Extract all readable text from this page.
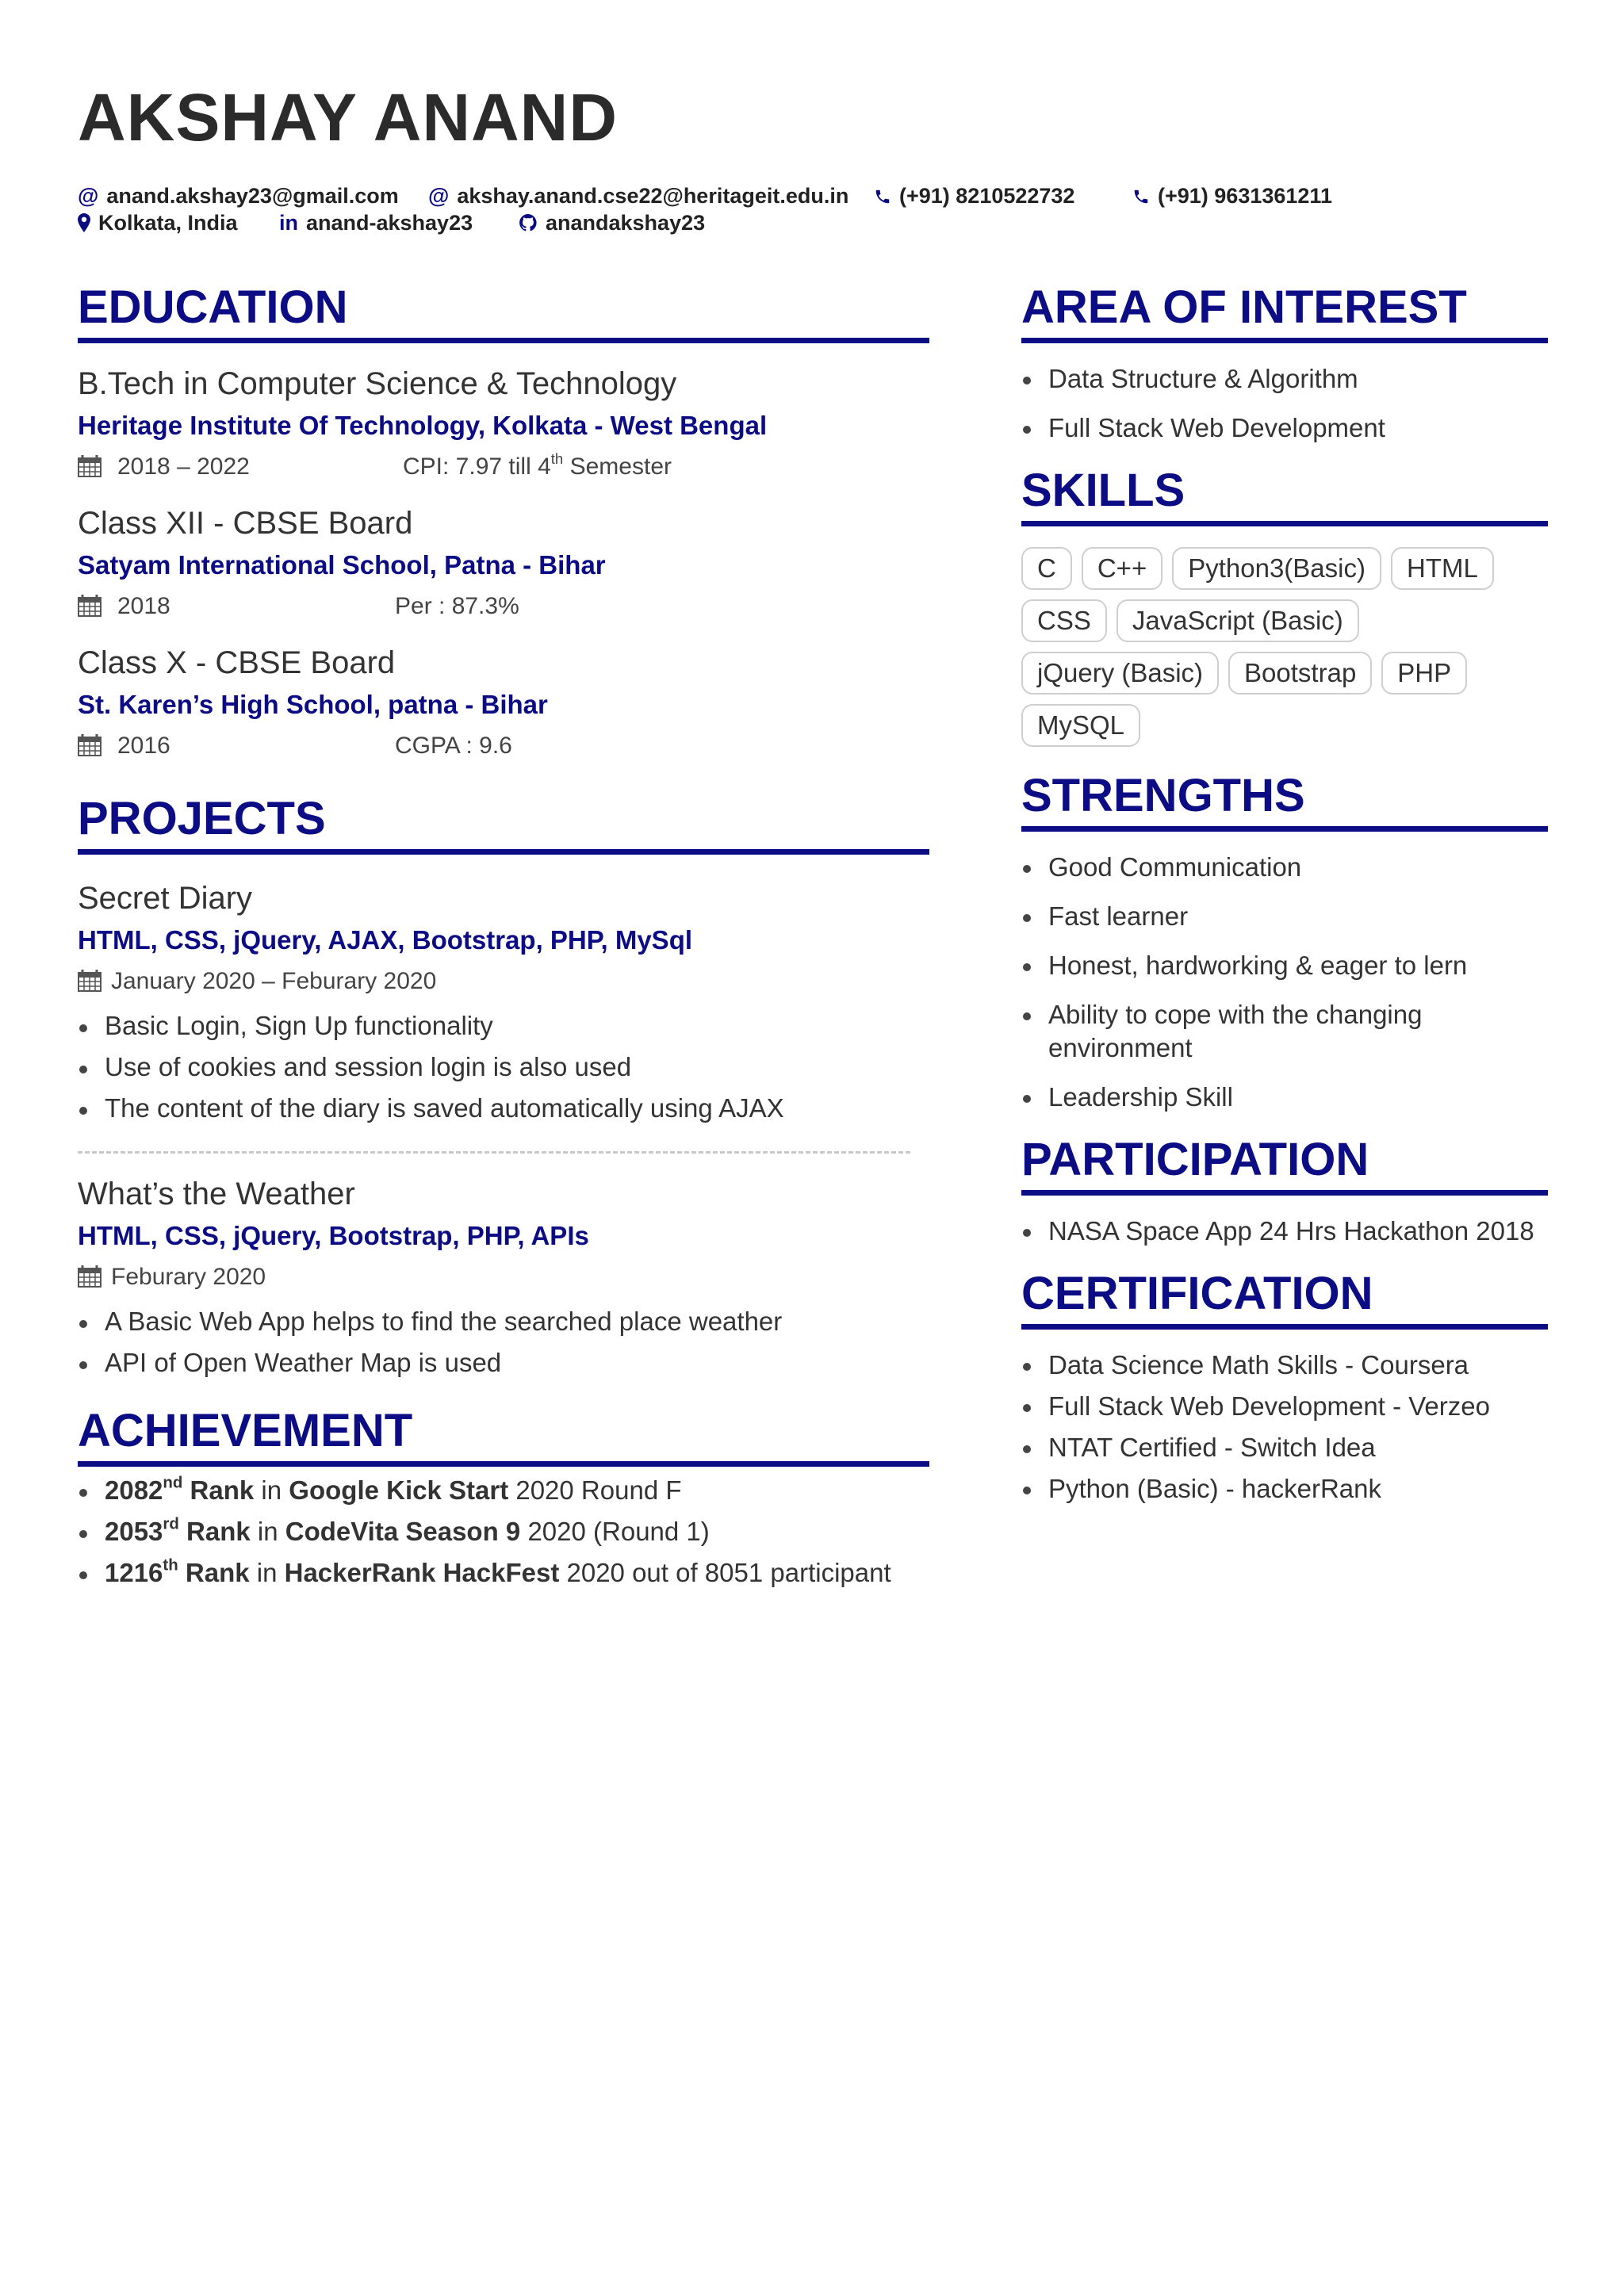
AKSHAY ANAND
@ anand.akshay23@gmail.com @ akshay.anand.cse22@heritageit.edu.in	(+91) 8210522732	(+91) 9631361211
Kolkata, India in anand-akshay23	anandakshay23
EDUCATION
B.Tech in Computer Science & Technology
Heritage Institute Of Technology, Kolkata - West Bengal
2018 – 2022	CPI: 7.97 till 4th Semester
Class XII - CBSE Board
Satyam International School, Patna - Bihar
2018	Per : 87.3%
Class X - CBSE Board
St. Karen’s High School, patna - Bihar
2016	CGPA : 9.6
PROJECTS
Secret Diary
HTML, CSS, jQuery, AJAX, Bootstrap, PHP, MySql
January 2020 – Feburary 2020
Basic Login, Sign Up functionality
Use of cookies and session login is also used
The content of the diary is saved automatically using AJAX
What’s the Weather
HTML, CSS, jQuery, Bootstrap, PHP, APIs
Feburary 2020
A Basic Web App helps to find the searched place weather
API of Open Weather Map is used
ACHIEVEMENT
2082nd Rank in Google Kick Start 2020 Round F
2053rd Rank in CodeVita Season 9 2020 (Round 1)
1216th Rank in HackerRank HackFest 2020 out of 8051 participant
AREA OF INTEREST
Data Structure & Algorithm
Full Stack Web Development
SKILLS
C	C++	Python3(Basic)	HTML
CSS	JavaScript (Basic)
jQuery (Basic)	Bootstrap	PHP
MySQL
STRENGTHS
Good Communication
Fast learner
Honest, hardworking & eager to lern
Ability to cope with the changing environment
Leadership Skill
PARTICIPATION
NASA Space App 24 Hrs Hackathon 2018
CERTIFICATION
Data Science Math Skills - Coursera
Full Stack Web Development - Verzeo
NTAT Certified - Switch Idea
Python (Basic) - hackerRank
